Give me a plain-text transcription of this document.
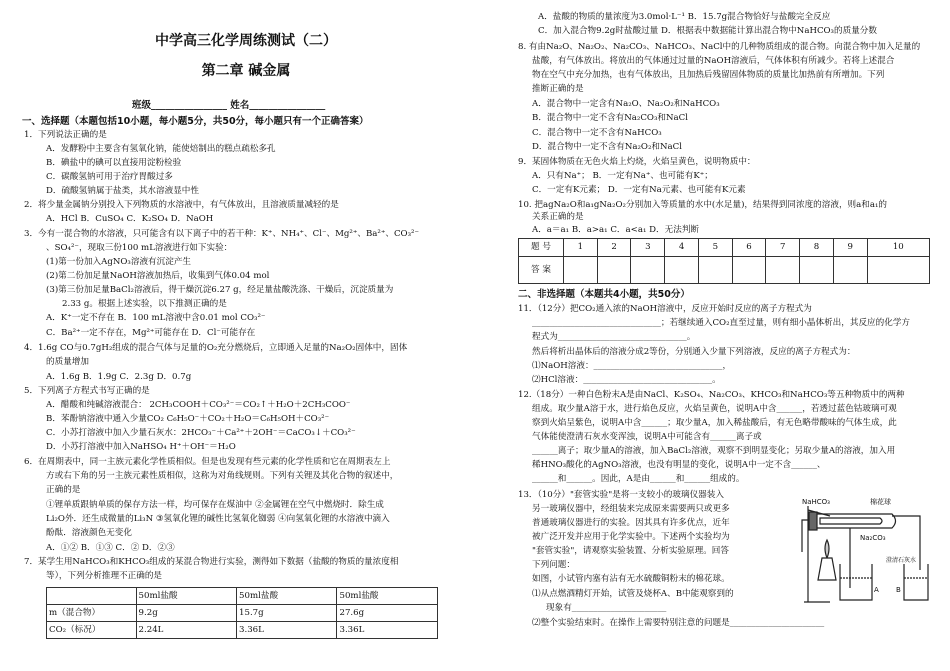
中学高三化学周练测试（二）
第二章 碱金属
班级________________ 姓名________________
一、选择题（本题包括10小题，每小题5分，共50分，每小题只有一个正确答案）
1．下列说法正确的是
A．发酵粉中主要含有氢氧化钠，能使焙制出的糕点疏松多孔
B．碘盐中的碘可以直接用淀粉检验
C．碳酸氢钠可用于治疗胃酸过多
D．硫酸氢钠属于盐类，其水溶液显中性
2．将少量金属钠分别投入下列物质的水溶液中，有气体放出，且溶液质量减轻的是
A．HCl B．CuSO₄ C．K₂SO₄ D．NaOH
3．今有一混合物的水溶液，只可能含有以下离子中的若干种：K⁺、NH₄⁺、Cl⁻、Mg²⁺、Ba²⁺、CO₃²⁻
、SO₄²⁻，现取三份100 mL溶液进行如下实验：
(1)第一份加入AgNO₃溶液有沉淀产生
(2)第二份加足量NaOH溶液加热后，收集到气体0.04 mol
(3)第三份加足量BaCl₂溶液后，得干燥沉淀6.27 g，经足量盐酸洗涤、干燥后，沉淀质量为
2.33 g。根据上述实验，以下推测正确的是
A．K⁺一定不存在 B．100 mL溶液中含0.01 mol CO₃²⁻
C．Ba²⁺一定不存在，Mg²⁺可能存在 D．Cl⁻可能存在
4．1.6g CO与0.7gH₂组成的混合气体与足量的O₂充分燃烧后，立即通入足量的Na₂O₂固体中，固体
的质量增加
A．1.6g B．1.9g C．2.3g D．0.7g
5．下列离子方程式书写正确的是
A．醋酸和纯碱溶液混合： 2CH₃COOH＋CO₃²⁻＝CO₂↑＋H₂O＋2CH₃COO⁻
B．苯酚钠溶液中通入少量CO₂ C₆H₅O⁻＋CO₂＋H₂O＝C₆H₅OH＋CO₃²⁻
C．小苏打溶液中加入少量石灰水：2HCO₃⁻＋Ca²⁺＋2OH⁻＝CaCO₃↓＋CO₃²⁻
D．小苏打溶液中加入NaHSO₄ H⁺＋OH⁻＝H₂O
6．在周期表中，同一主族元素化学性质相似。但是也发现有些元素的化学性质和它在周期表左上
方或右下角的另一主族元素性质相似，这称为对角线规则。下列有关锂及其化合物的叙述中，
正确的是
①锂单质跟钠单质的保存方法一样，均可保存在煤油中 ②金属锂在空气中燃烧时．除生成
Li₂O外．还生成微量的Li₃N ③氢氧化锂的碱性比氢氧化铷弱 ④向氢氧化锂的水溶液中滴入
酚酞．溶液颜色无变化
A．①② B．①③ C．② D．②③
7．某学生用NaHCO₃和KHCO₃组成的某混合物进行实验，测得如下数据（盐酸的物质的量浓度相
等），下列分析推理不正确的是
	50ml盐酸	50ml盐酸	50ml盐酸
m（混合物）	9.2g	15.7g	27.6g
CO₂（标况）	2.24L	3.36L	3.36L
A．盐酸的物质的量浓度为3.0mol·L⁻¹ B．15.7g混合物恰好与盐酸完全反应
C．加入混合物9.2g时盐酸过量 D．根据表中数据能计算出混合物中NaHCO₃的质量分数
8. 有由Na₂O、Na₂O₂、Na₂CO₃、NaHCO₃、NaCl中的几种物质组成的混合物。向混合物中加入足量的
盐酸，有气体放出。将放出的气体通过过量的NaOH溶液后，气体体积有所减少。若将上述混合
物在空气中充分加热，也有气体放出，且加热后残留固体物质的质量比加热前有所增加。下列
推断正确的是
A．混合物中一定含有Na₂O、Na₂O₂和NaHCO₃
B．混合物中一定不含有Na₂CO₃和NaCl
C．混合物中一定不含有NaHCO₃
D．混合物中一定不含有Na₂O₂和NaCl
9．某固体物质在无色火焰上灼烧，火焰呈黄色，说明物质中：
A．只有Na⁺； B．一定有Na⁺、也可能有K⁺；
C．一定有K元素； D．一定有Na元素、也可能有K元素
10. 把agNa₂O和a₁gNa₂O₂分别加入等质量的水中(水足量)，结果得到同浓度的溶液，则a和a₁的
关系正确的是
A．a＝a₁ B．a>a₁ C．a<a₁ D．无法判断
题 号	1	2	3	4	5	6	7	8	9	10
答 案										
二、非选择题（本题共4小题，共50分）
11．（12分）把CO₂通入浓的NaOH溶液中，反应开始时反应的离子方程式为
______________________________；若继续通入CO₂直至过量，则有细小晶体析出，其反应的化学方
程式为______________________________。
然后将析出晶体后的溶液分成2等份，分别通入少量下列溶液，反应的离子方程式为：
⑴NaOH溶液：______________________________，
⑵HCl溶液：______________________________。
12.（18分）一种白色粉末A是由NaCl、K₂SO₄、Na₂CO₃、KHCO₃和NaHCO₃等五种物质中的两种
组成。取少量A溶于水，进行焰色反应，火焰呈黄色，说明A中含______，若透过蓝色钴玻璃可观
察到火焰呈紫色，说明A中含______；取少量A，加入稀盐酸后，有无色略带酸味的气体生成，此
气体能使澄清石灰水变浑浊，说明A中可能含有______离子或
______离子；取少量A的溶液，加入BaCl₂溶液，观察不到明显变化；另取少量A的溶液，加入用
稀HNO₃酸化的AgNO₃溶液，也没有明显的变化，说明A中一定不含______、
______和______。因此，A是由______和______组成的。
13．（10分）"套管实验"是将一支较小的玻璃仪器装入
另一玻璃仪器中，经组装来完成原来需要两只或更多
普通玻璃仪器进行的实验。因其具有许多优点，近年
被广泛开发并应用于化学实验中。下述两个实验均为
"套管实验"，请观察实验装置、分析实验原理。回答
下列问题：
如图，小试管内塞有沾有无水硫酸铜粉末的棉花球。
⑴从点燃酒精灯开始，试管及烧杯A、B中能观察到的
现象有______________________
⑵整个实验结束时。在操作上需要特别注意的问题是______________________
NaHCO₃	棉花球
Na₂CO₃
A B
澄清石灰水
